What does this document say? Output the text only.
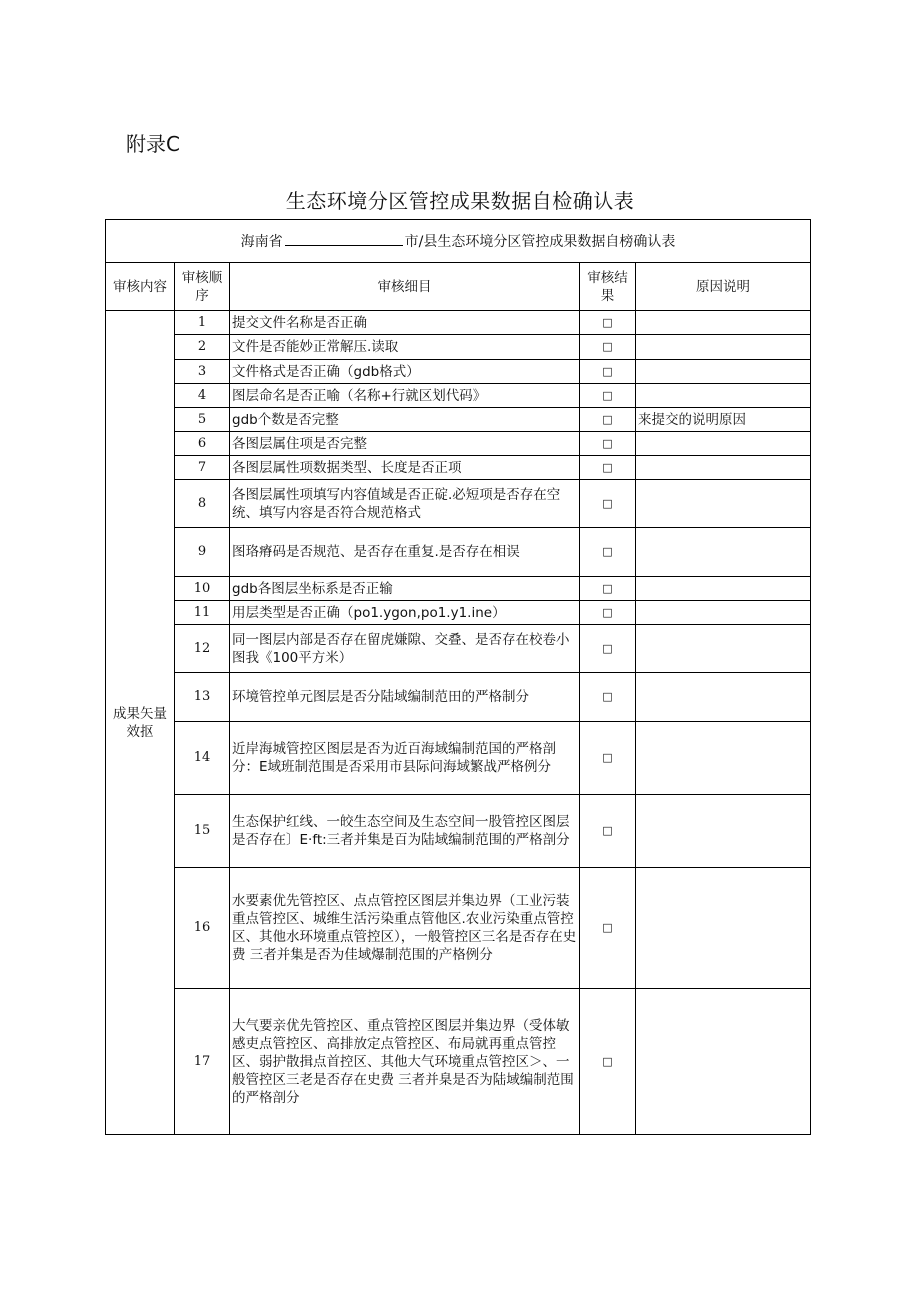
附录C
生态环境分区管控成果数据自检确认表
海南省 市/县生态环境分区管控成果数据自榜确认表				
审核内容	审核顺序	审核细目	审核结果	原因说明
成果矢量效抠	1	提交文件名称是否正确	□	
	2	文件是否能妙正常解压.读取	□	
	3	文件格式是否正确（gdb格式）	□	
	4	图层命名是否正喻（名称+行就区划代码》	□	
	5	gdb个数是否完整	□	来提交的说明原因
	6	各图层属住项是否完整	□	
	7	各图层属性项数据类型、长度是否正项	□	
	8	各图层属性项填写内容值域是否正碇.必短项是否存在空统、填写内容是否符合规范格式	□	
	9	图珞瘠码是否规范、是否存在重复.是否存在相误	□	
	10	gdb各图层坐标系是否正输	□	
	11	用层类型是否正确（po1.ygon,po1.y1.ine）	□	
	12	同一图层内部是否存在留虎嫌隙、交叠、是否存在校卷小图我《100平方米）	□	
	13	环境管控单元图层是否分陆域编制范田的严格制分	□	
	14	近岸海城管控区图层是否为近百海域编制范国的严格剖分：E域班制范围是否采用市县际问海域繁战严格例分	□	
	15	生态保护红线、一皎生态空间及生态空间一股管控区图层是否存在〕E·ft:三者并集是百为陆域编制范围的严格剖分	□	
	16	水要素优先管控区、点点管控区图层并集边界（工业污装重点管控区、城维生活污染重点管他区.农业污染重点管控区、其他水环境重点管控区），一般管控区三名是否存在史费 三者并集是否为佳域爆制范围的产格例分	□	
	17	大气要亲优先管控区、重点管控区图层并集边界（受体敏感吏点管控区、高排放定点管控区、布局就再重点管控区、弱护散揖点首控区、其他大气环境重点管控区＞、一般管控区三老是否存在史费 三者并臬是否为陆域编制范围的严格剖分	□	
